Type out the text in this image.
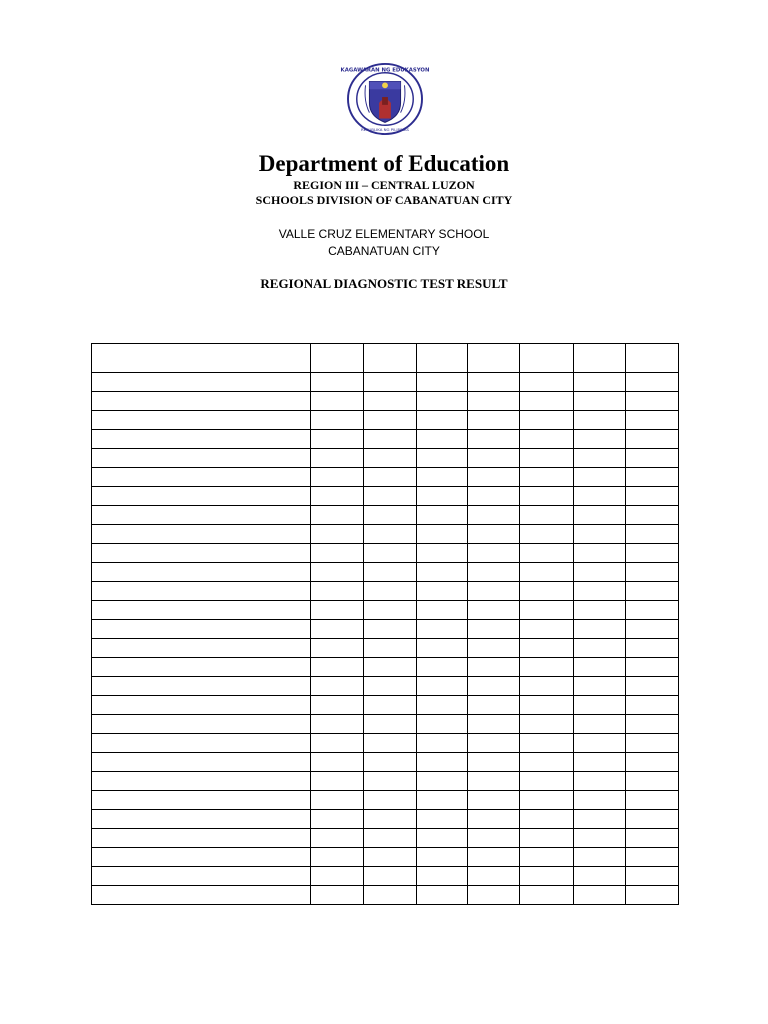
KAGAWARAN NG EDUKASYON
REPUBLIKA NG PILIPINAS
Department of Education
REGION III – CENTRAL LUZON
SCHOOLS DIVISION OF CABANATUAN CITY
VALLE CRUZ ELEMENTARY SCHOOL
CABANATUAN CITY
REGIONAL DIAGNOSTIC TEST RESULT
